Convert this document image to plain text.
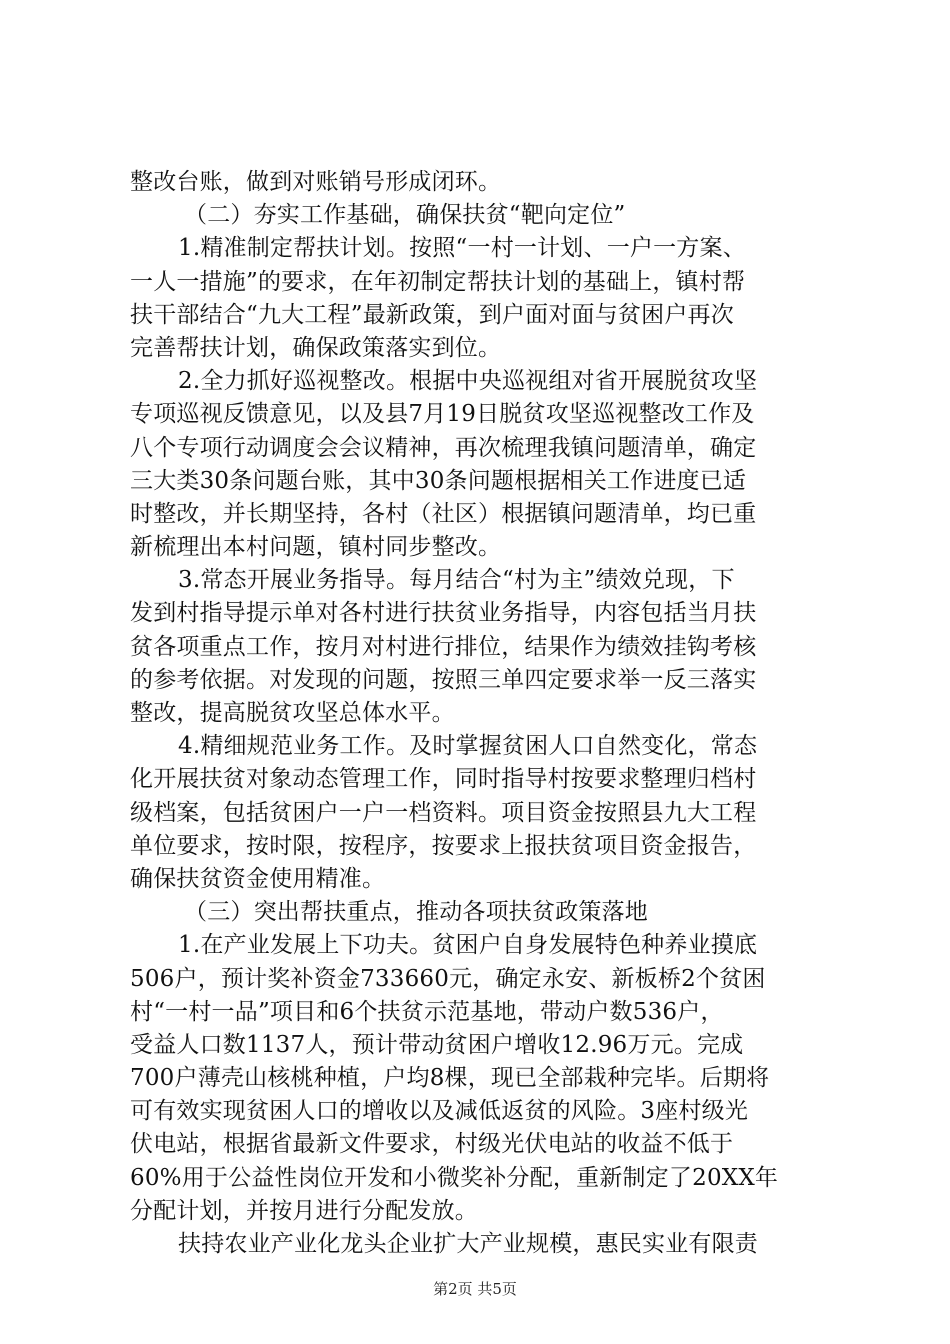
整改台账，做到对账销号形成闭环。
（二）夯实工作基础，确保扶贫“靶向定位”
1.精准制定帮扶计划。按照“一村一计划、一户一方案、
一人一措施”的要求，在年初制定帮扶计划的基础上，镇村帮
扶干部结合“九大工程”最新政策，到户面对面与贫困户再次
完善帮扶计划，确保政策落实到位。
2.全力抓好巡视整改。根据中央巡视组对省开展脱贫攻坚
专项巡视反馈意见，以及县7月19日脱贫攻坚巡视整改工作及
八个专项行动调度会会议精神，再次梳理我镇问题清单，确定
三大类30条问题台账，其中30条问题根据相关工作进度已适
时整改，并长期坚持，各村（社区）根据镇问题清单，均已重
新梳理出本村问题，镇村同步整改。
3.常态开展业务指导。每月结合“村为主”绩效兑现，下
发到村指导提示单对各村进行扶贫业务指导，内容包括当月扶
贫各项重点工作，按月对村进行排位，结果作为绩效挂钩考核
的参考依据。对发现的问题，按照三单四定要求举一反三落实
整改，提高脱贫攻坚总体水平。
4.精细规范业务工作。及时掌握贫困人口自然变化，常态
化开展扶贫对象动态管理工作，同时指导村按要求整理归档村
级档案，包括贫困户一户一档资料。项目资金按照县九大工程
单位要求，按时限，按程序，按要求上报扶贫项目资金报告，
确保扶贫资金使用精准。
（三）突出帮扶重点，推动各项扶贫政策落地
1.在产业发展上下功夫。贫困户自身发展特色种养业摸底
506户，预计奖补资金733660元，确定永安、新板桥2个贫困
村“一村一品”项目和6个扶贫示范基地，带动户数536户，
受益人口数1137人，预计带动贫困户增收12.96万元。完成
700户薄壳山核桃种植，户均8棵，现已全部栽种完毕。后期将
可有效实现贫困人口的增收以及减低返贫的风险。3座村级光
伏电站，根据省最新文件要求，村级光伏电站的收益不低于
60%用于公益性岗位开发和小微奖补分配，重新制定了20XX年
分配计划，并按月进行分配发放。
扶持农业产业化龙头企业扩大产业规模，惠民实业有限责
第2页 共5页
